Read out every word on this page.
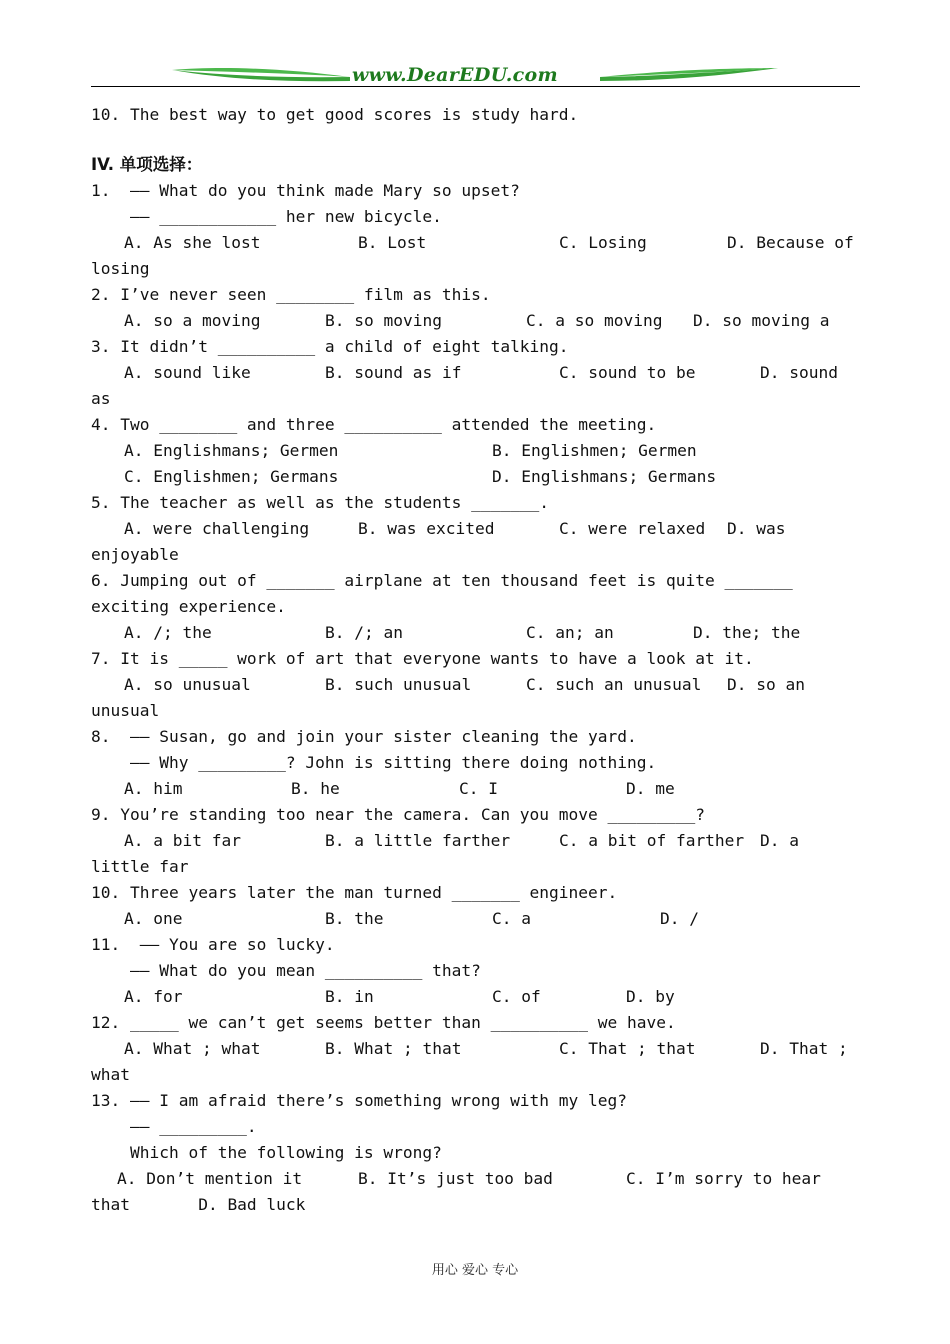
www.DearEDU.com
10. The best way to get good scores is study hard.
IV. 单项选择：
1.  —— What do you think made Mary so upset?
—— ____________ her new bicycle.
A. As she lost	B. Lost	C. Losing	D. Because of
losing
2. I’ve never seen ________ film as this.
A. so a moving	B. so moving	C. a so moving D. so moving a
3. It didn’t __________ a child of eight talking.
A. sound like	B. sound as if	C. sound to be	D. sound
as
4. Two ________ and three __________ attended the meeting.
A. Englishmans; Germen	B. Englishmen; Germen
C. Englishmen; Germans	D. Englishmans; Germans
5. The teacher as well as the students _______.
A. were challenging	B. was excited	C. were relaxed D. was
enjoyable
6. Jumping out of _______ airplane at ten thousand feet is quite _______
exciting experience.
A. /; the	B. /; an	C. an; an	D. the; the
7. It is _____ work of art that everyone wants to have a look at it.
A. so unusual	B. such unusual	C. such an unusual D. so an
unusual
8.  —— Susan, go and join your sister cleaning the yard.
—— Why _________? John is sitting there doing nothing.
A. him	B. he	C. I	D. me
9. You’re standing too near the camera. Can you move _________?
A. a bit far	B. a little farther	C. a bit of farther D. a
little far
10. Three years later the man turned _______ engineer.
A. one	B. the	C. a	D. /
11.  —— You are so lucky.
—— What do you mean __________ that?
A. for	B. in	C. of	D. by
12. _____ we can’t get seems better than __________ we have.
A. What ; what	B. What ; that	C. That ; that	D. That ;
what
13. —— I am afraid there’s something wrong with my leg?
—— _________.
Which of the following is wrong?
A. Don’t mention it	B. It’s just too bad	C. I’m sorry to hear
that       D. Bad luck
用心 爱心 专心
